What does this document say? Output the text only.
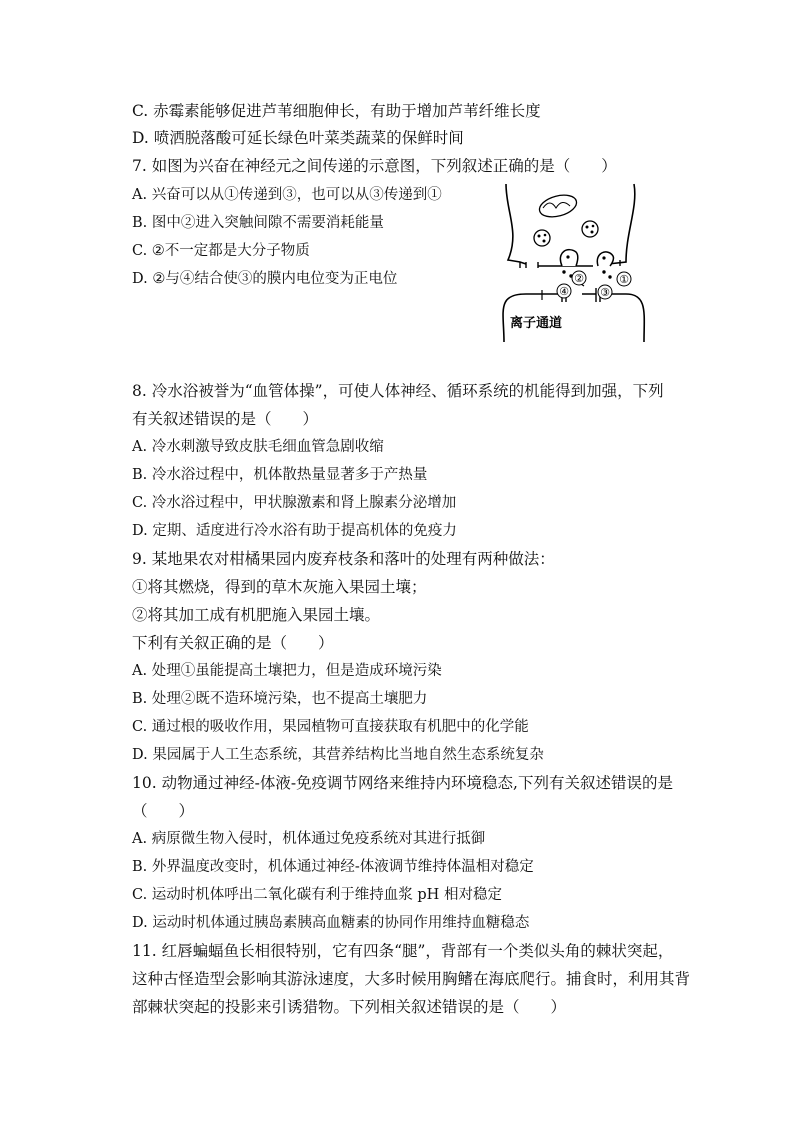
C. 赤霉素能够促进芦苇细胞伸长，有助于增加芦苇纤维长度
D. 喷洒脱落酸可延长绿色叶菜类蔬菜的保鲜时间
7. 如图为兴奋在神经元之间传递的示意图，下列叙述正确的是（　　）
A. 兴奋可以从①传递到③，也可以从③传递到①
B. 图中②进入突触间隙不需要消耗能量
C. ②不一定都是大分子物质
D. ②与④结合使③的膜内电位变为正电位	②	①
④	③
离子通道
8. 冷水浴被誉为“血管体操”，可使人体神经、循环系统的机能得到加强，下列
有关叙述错误的是（　　）
A. 冷水刺激导致皮肤毛细血管急剧收缩
B. 冷水浴过程中，机体散热量显著多于产热量
C. 冷水浴过程中，甲状腺激素和肾上腺素分泌增加
D. 定期、适度进行冷水浴有助于提高机体的免疫力
9. 某地果农对柑橘果园内废弃枝条和落叶的处理有两种做法：
①将其燃烧，得到的草木灰施入果园土壤；
②将其加工成有机肥施入果园土壤。
下利有关叙正确的是（　　）
A. 处理①虽能提高土壤把力，但是造成环境污染
B. 处理②既不造环境污染，也不提高土壤肥力
C. 通过根的吸收作用，果园植物可直接获取有机肥中的化学能
D. 果园属于人工生态系统，其营养结构比当地自然生态系统复杂
10. 动物通过神经-体液-免疫调节网络来维持内环境稳态,下列有关叙述错误的是
（　　）
A. 病原微生物入侵时，机体通过免疫系统对其进行抵御
B. 外界温度改变时，机体通过神经-体液调节维持体温相对稳定
C. 运动时机体呼出二氧化碳有利于维持血浆 pH 相对稳定
D. 运动时机体通过胰岛素胰高血糖素的协同作用维持血糖稳态
11. 红唇蝙蝠鱼长相很特别，它有四条“腿”，背部有一个类似头角的棘状突起，
这种古怪造型会影响其游泳速度，大多时候用胸鳍在海底爬行。捕食时，利用其背
部棘状突起的投影来引诱猎物。下列相关叙述错误的是（　　）
